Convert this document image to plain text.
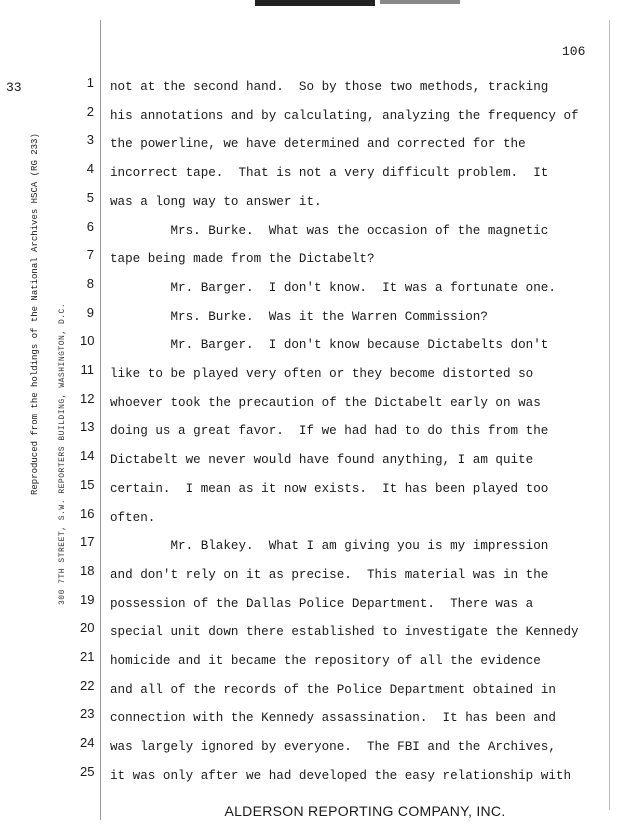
106
33
Reproduced from the holdings of the National Archives HSCA (RG 233) 300 7TH STREET, S.W. REPORTERS BUILDING, WASHINGTON, D.C.
1 not at the second hand.  So by those two methods, tracking
2 his annotations and by calculating, analyzing the frequency of
3 the powerline, we have determined and corrected for the
4 incorrect tape.  That is not a very difficult problem.  It
5 was a long way to answer it.
6 Mrs. Burke.  What was the occasion of the magnetic
7 tape being made from the Dictabelt?
8 Mr. Barger.  I don't know.  It was a fortunate one.
9 Mrs. Burke.  Was it the Warren Commission?
10 Mr. Barger.  I don't know because Dictabelts don't
11 like to be played very often or they become distorted so
12 whoever took the precaution of the Dictabelt early on was
13 doing us a great favor.  If we had had to do this from the
14 Dictabelt we never would have found anything, I am quite
15 certain.  I mean as it now exists.  It has been played too
16 often.
17 Mr. Blakey.  What I am giving you is my impression
18 and don't rely on it as precise.  This material was in the
19 possession of the Dallas Police Department.  There was a
20 special unit down there established to investigate the Kennedy
21 homicide and it became the repository of all the evidence
22 and all of the records of the Police Department obtained in
23 connection with the Kennedy assassination.  It has been and
24 was largely ignored by everyone.  The FBI and the Archives,
25 it was only after we had developed the easy relationship with
ALDERSON REPORTING COMPANY, INC.
